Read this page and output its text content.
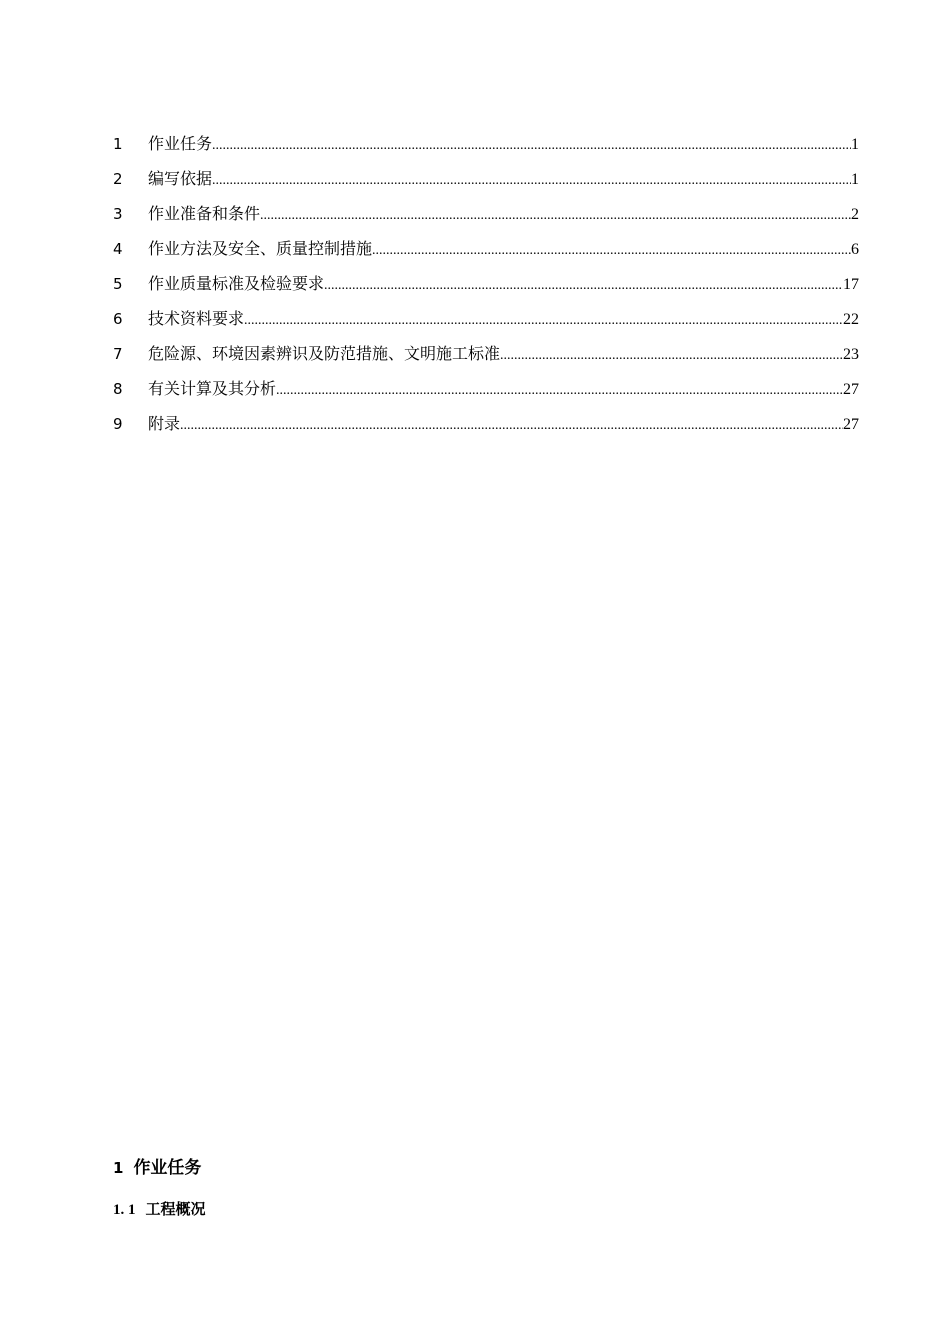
1	作业任务 .....	1
2	编写依据 .....	1
3	作业准备和条件 .....	2
4	作业方法及安全、质量控制措施 .....	6
5	作业质量标准及检验要求 .....	17
6	技术资料要求 .....	22
7	危险源、环境因素辨识及防范措施、文明施工标准 .....	23
8	有关计算及其分析 .....	27
9	附录 .....	27
1 作业任务
1. 1 工程概况
